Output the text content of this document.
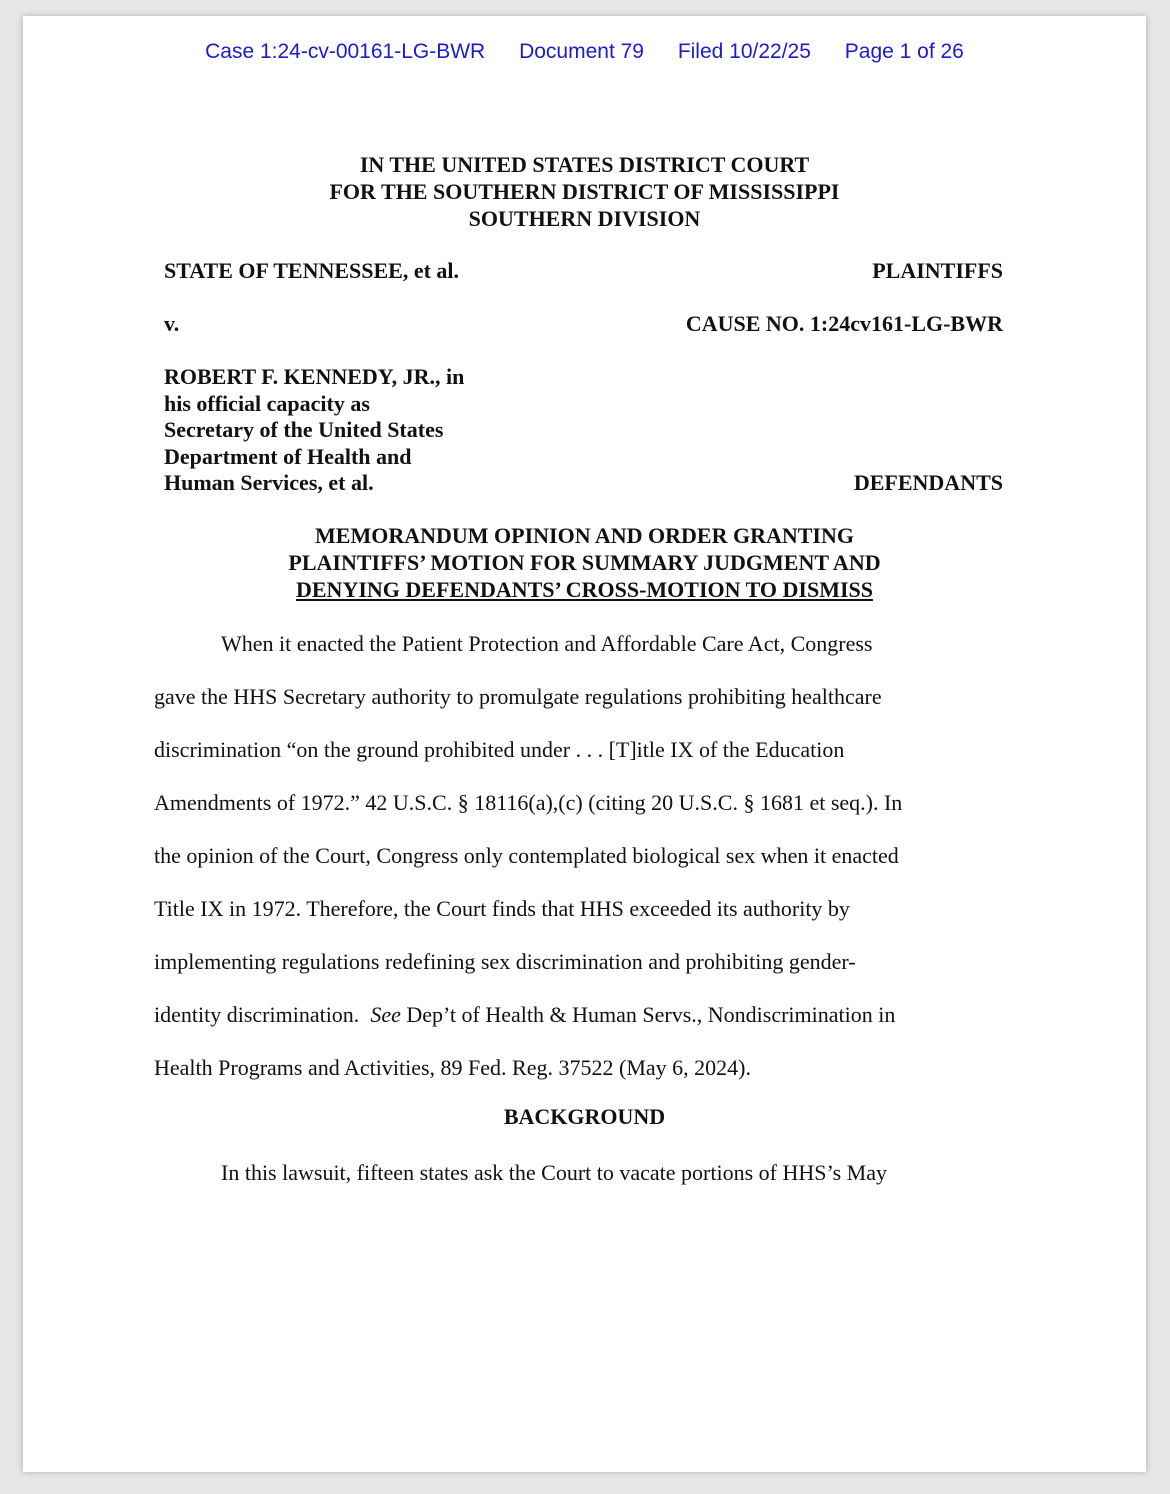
Case 1:24-cv-00161-LG-BWR Document 79 Filed 10/22/25 Page 1 of 26
IN THE UNITED STATES DISTRICT COURT
FOR THE SOUTHERN DISTRICT OF MISSISSIPPI
SOUTHERN DIVISION
STATE OF TENNESSEE, et al.	PLAINTIFFS
v.	CAUSE NO. 1:24cv161-LG-BWR
ROBERT F. KENNEDY, JR., in
his official capacity as
Secretary of the United States
Department of Health and
Human Services, et al.	DEFENDANTS
MEMORANDUM OPINION AND ORDER GRANTING
PLAINTIFFS’ MOTION FOR SUMMARY JUDGMENT AND
DENYING DEFENDANTS’ CROSS-MOTION TO DISMISS
When it enacted the Patient Protection and Affordable Care Act, Congress
gave the HHS Secretary authority to promulgate regulations prohibiting healthcare
discrimination “on the ground prohibited under . . . [T]itle IX of the Education
Amendments of 1972.” 42 U.S.C. § 18116(a),(c) (citing 20 U.S.C. § 1681 et seq.). In
the opinion of the Court, Congress only contemplated biological sex when it enacted
Title IX in 1972. Therefore, the Court finds that HHS exceeded its authority by
implementing regulations redefining sex discrimination and prohibiting gender-
identity discrimination.  See Dep’t of Health & Human Servs., Nondiscrimination in
Health Programs and Activities, 89 Fed. Reg. 37522 (May 6, 2024).
BACKGROUND
In this lawsuit, fifteen states ask the Court to vacate portions of HHS’s May
